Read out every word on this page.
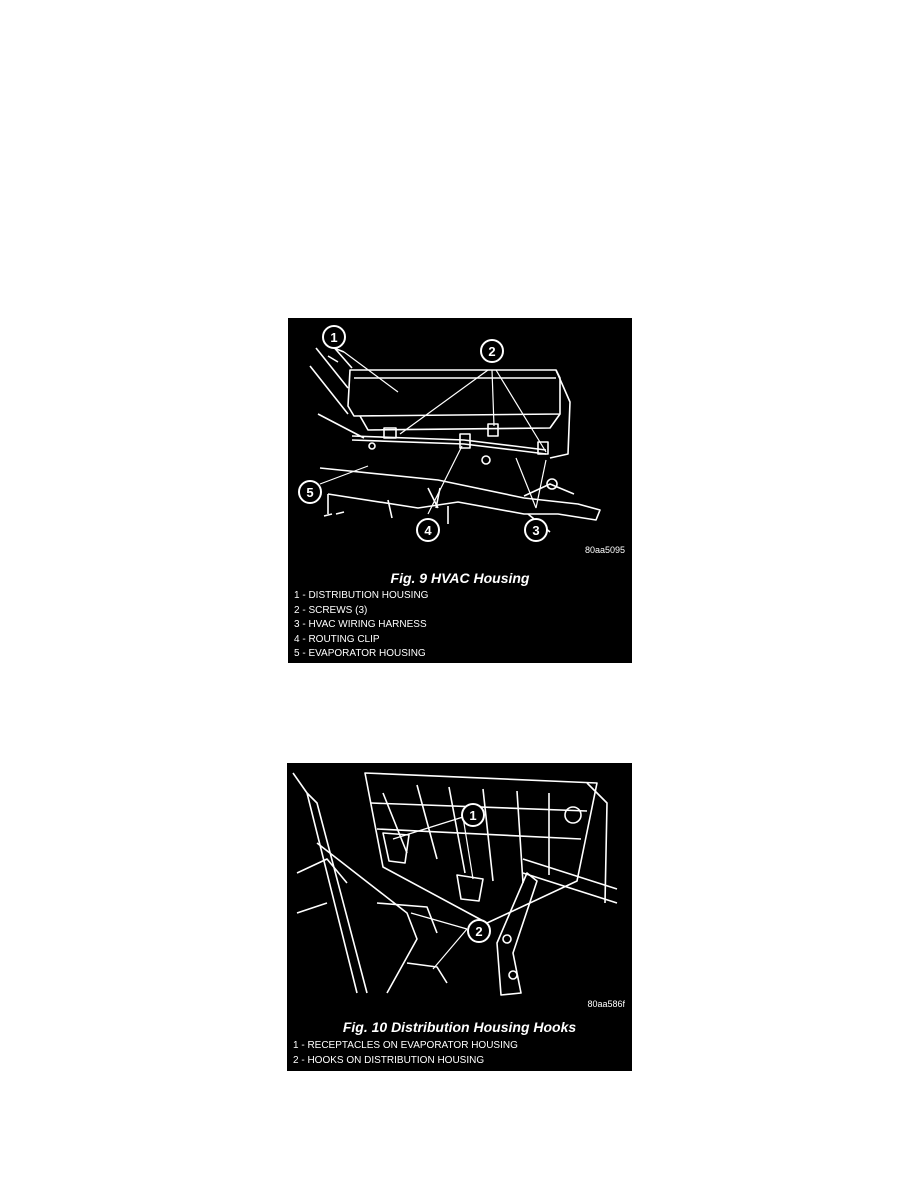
1
2
3
4
5
80aa5095
Fig. 9 HVAC Housing
1 - DISTRIBUTION HOUSING
2 - SCREWS (3)
3 - HVAC WIRING HARNESS
4 - ROUTING CLIP
5 - EVAPORATOR HOUSING
1
2
80aa586f
Fig. 10 Distribution Housing Hooks
1 - RECEPTACLES ON EVAPORATOR HOUSING
2 - HOOKS ON DISTRIBUTION HOUSING
